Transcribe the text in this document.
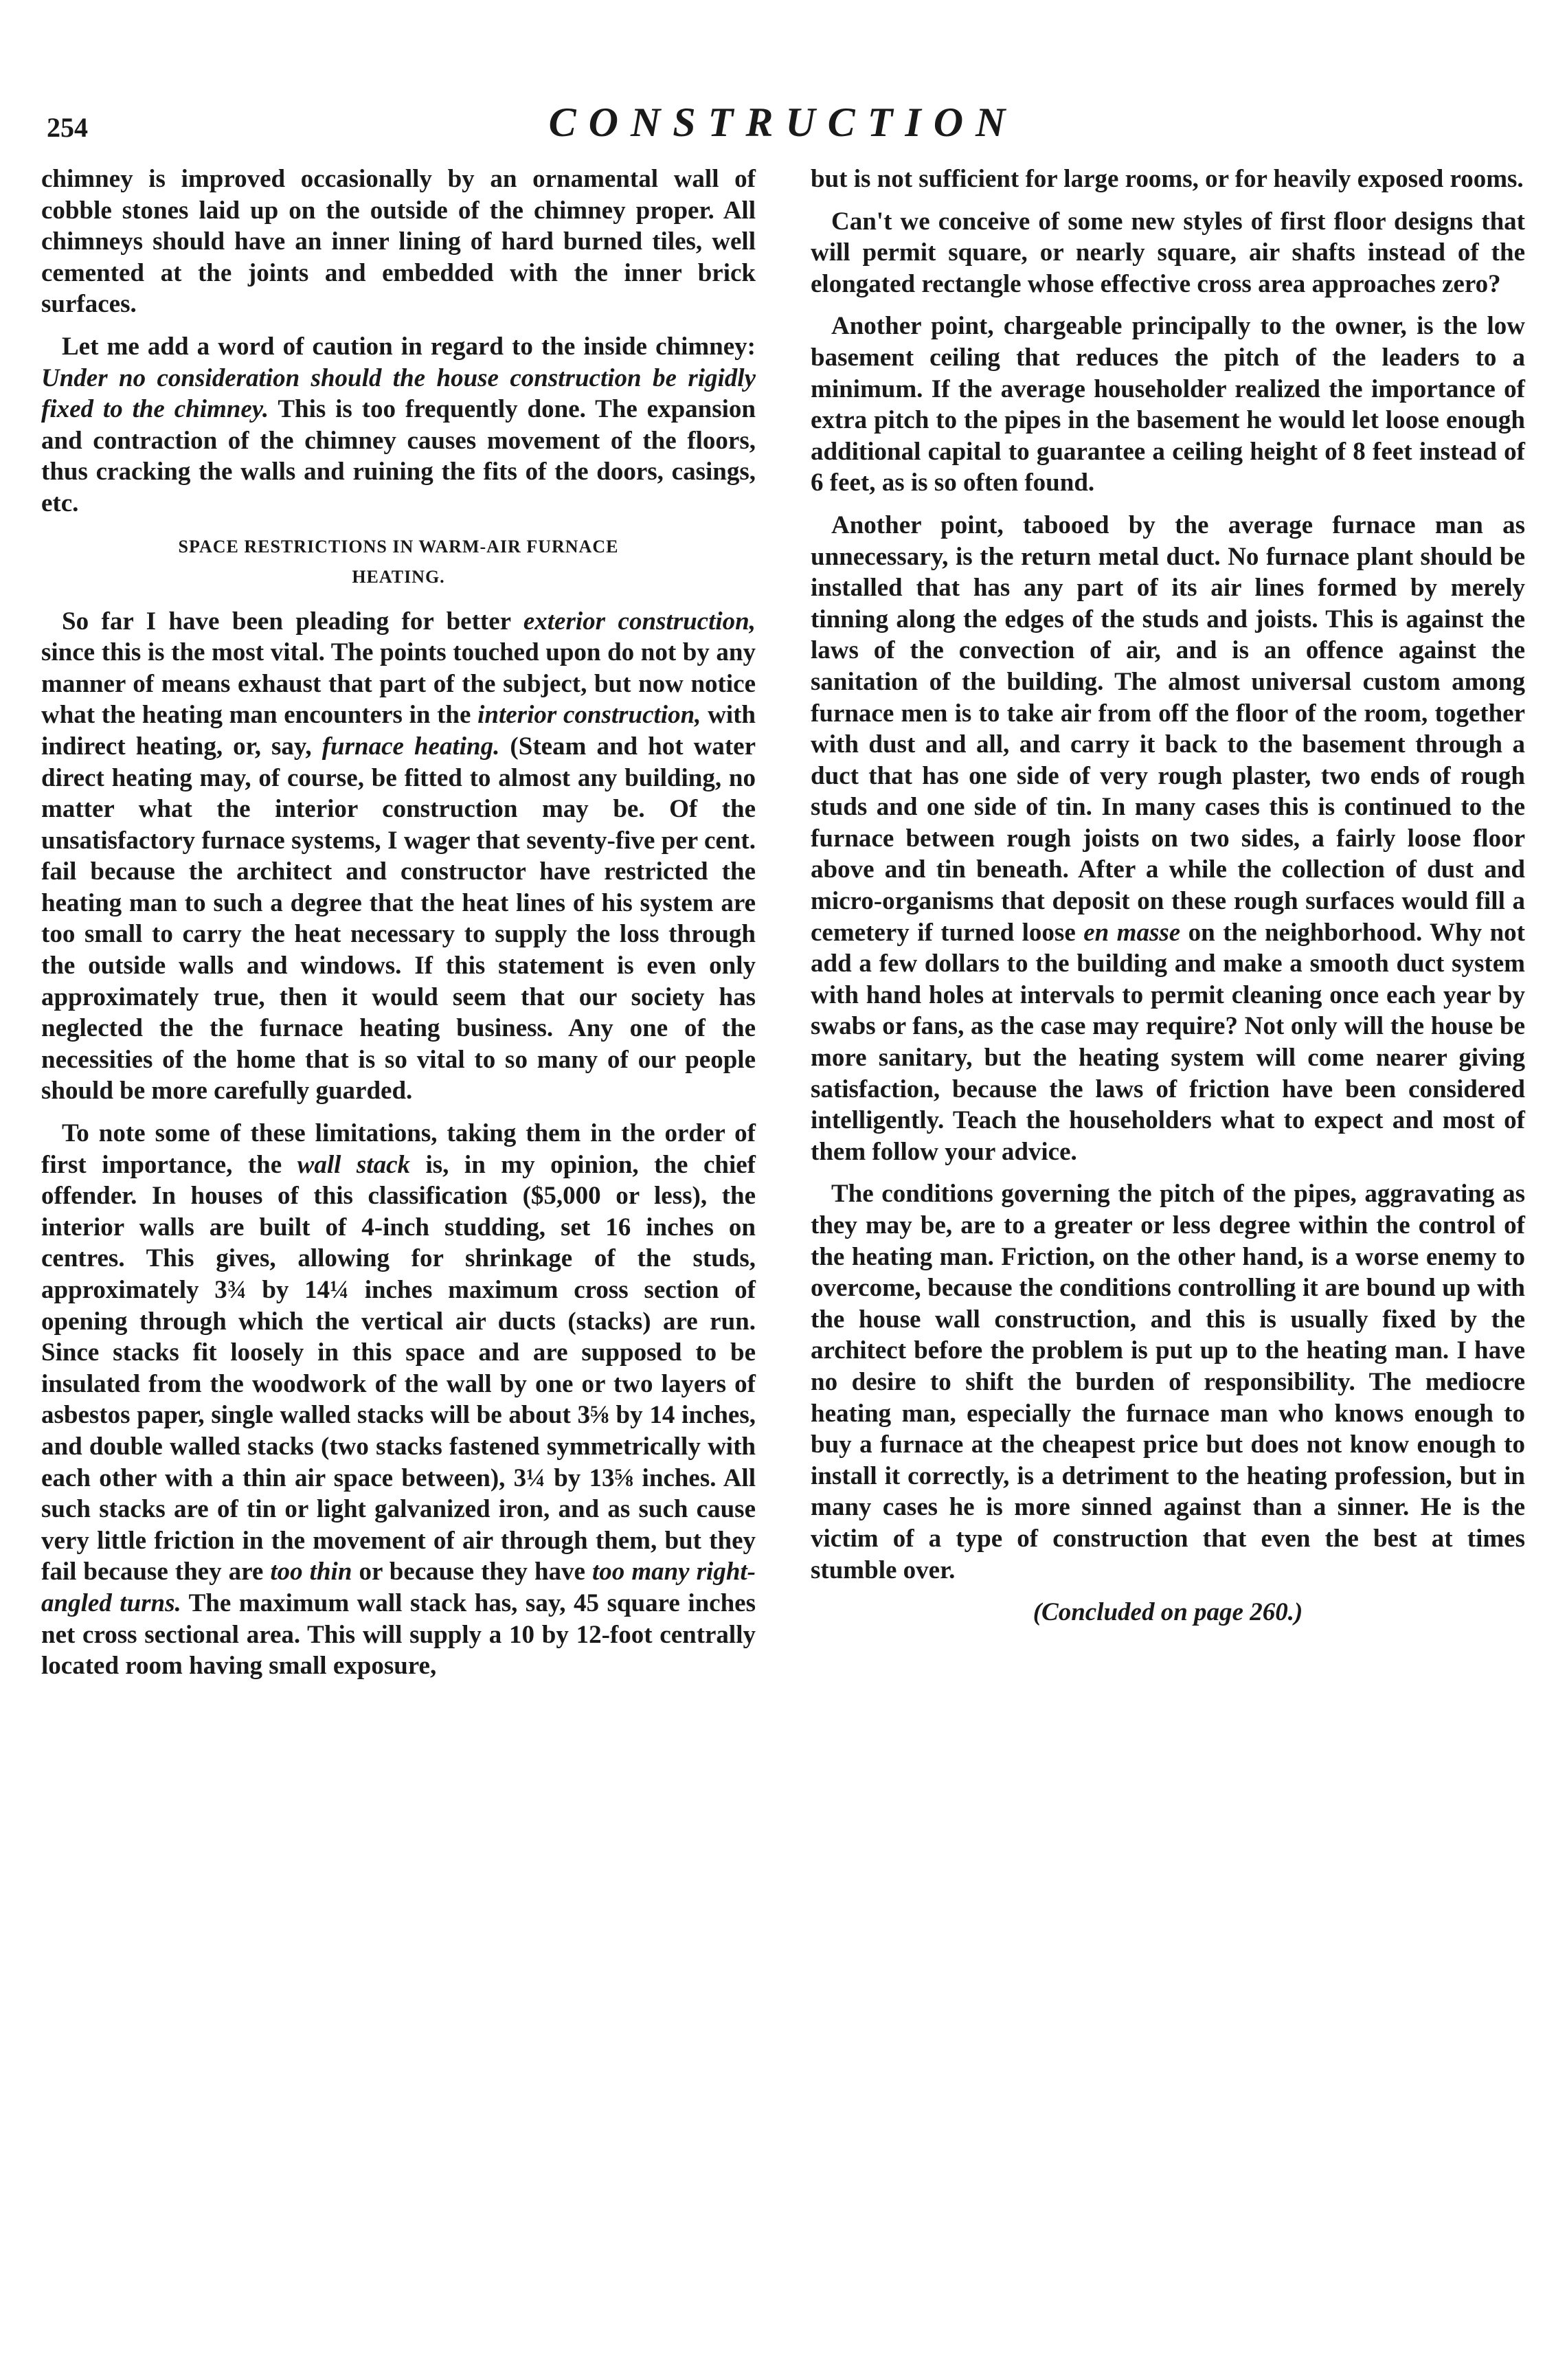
254	CONSTRUCTION

chimney is improved occasionally by an ornamental wall of cobble stones laid up on the outside of the chimney proper. All chimneys should have an inner lining of hard burned tiles, well cemented at the joints and embedded with the inner brick surfaces.

Let me add a word of caution in regard to the inside chimney: Under no consideration should the house construction be rigidly fixed to the chimney. This is too frequently done. The expansion and contraction of the chimney causes movement of the floors, thus cracking the walls and ruining the fits of the doors, casings, etc.

SPACE RESTRICTIONS IN WARM-AIR FURNACE
HEATING.

So far I have been pleading for better exterior construction, since this is the most vital. The points touched upon do not by any manner of means exhaust that part of the subject, but now notice what the heating man encounters in the interior construction, with indirect heating, or, say, furnace heating. (Steam and hot water direct heating may, of course, be fitted to almost any building, no matter what the interior construction may be. Of the unsatisfactory furnace systems, I wager that seventy-five per cent. fail because the architect and constructor have restricted the heating man to such a degree that the heat lines of his system are too small to carry the heat necessary to supply the loss through the outside walls and windows. If this statement is even only approximately true, then it would seem that our society has neglected the the furnace heating business. Any one of the necessities of the home that is so vital to so many of our people should be more carefully guarded.

To note some of these limitations, taking them in the order of first importance, the wall stack is, in my opinion, the chief offender. In houses of this classification ($5,000 or less), the interior walls are built of 4-inch studding, set 16 inches on centres. This gives, allowing for shrinkage of the studs, approximately 3¾ by 14¼ inches maximum cross section of opening through which the vertical air ducts (stacks) are run. Since stacks fit loosely in this space and are supposed to be insulated from the woodwork of the wall by one or two layers of asbestos paper, single walled stacks will be about 3⅝ by 14 inches, and double walled stacks (two stacks fastened symmetrically with each other with a thin air space between), 3¼ by 13⅝ inches. All such stacks are of tin or light galvanized iron, and as such cause very little friction in the movement of air through them, but they fail because they are too thin or because they have too many right-angled turns. The maximum wall stack has, say, 45 square inches net cross sectional area. This will supply a 10 by 12-foot centrally located room having small exposure,

but is not sufficient for large rooms, or for heavily exposed rooms.

Can't we conceive of some new styles of first floor designs that will permit square, or nearly square, air shafts instead of the elongated rectangle whose effective cross area approaches zero?

Another point, chargeable principally to the owner, is the low basement ceiling that reduces the pitch of the leaders to a minimum. If the average householder realized the importance of extra pitch to the pipes in the basement he would let loose enough additional capital to guarantee a ceiling height of 8 feet instead of 6 feet, as is so often found.

Another point, tabooed by the average furnace man as unnecessary, is the return metal duct. No furnace plant should be installed that has any part of its air lines formed by merely tinning along the edges of the studs and joists. This is against the laws of the convection of air, and is an offence against the sanitation of the building. The almost universal custom among furnace men is to take air from off the floor of the room, together with dust and all, and carry it back to the basement through a duct that has one side of very rough plaster, two ends of rough studs and one side of tin. In many cases this is continued to the furnace between rough joists on two sides, a fairly loose floor above and tin beneath. After a while the collection of dust and micro-organisms that deposit on these rough surfaces would fill a cemetery if turned loose en masse on the neighborhood. Why not add a few dollars to the building and make a smooth duct system with hand holes at intervals to permit cleaning once each year by swabs or fans, as the case may require? Not only will the house be more sanitary, but the heating system will come nearer giving satisfaction, because the laws of friction have been considered intelligently. Teach the householders what to expect and most of them follow your advice.

The conditions governing the pitch of the pipes, aggravating as they may be, are to a greater or less degree within the control of the heating man. Friction, on the other hand, is a worse enemy to overcome, because the conditions controlling it are bound up with the house wall construction, and this is usually fixed by the architect before the problem is put up to the heating man. I have no desire to shift the burden of responsibility. The mediocre heating man, especially the furnace man who knows enough to buy a furnace at the cheapest price but does not know enough to install it correctly, is a detriment to the heating profession, but in many cases he is more sinned against than a sinner. He is the victim of a type of construction that even the best at times stumble over.

(Concluded on page 260.)
